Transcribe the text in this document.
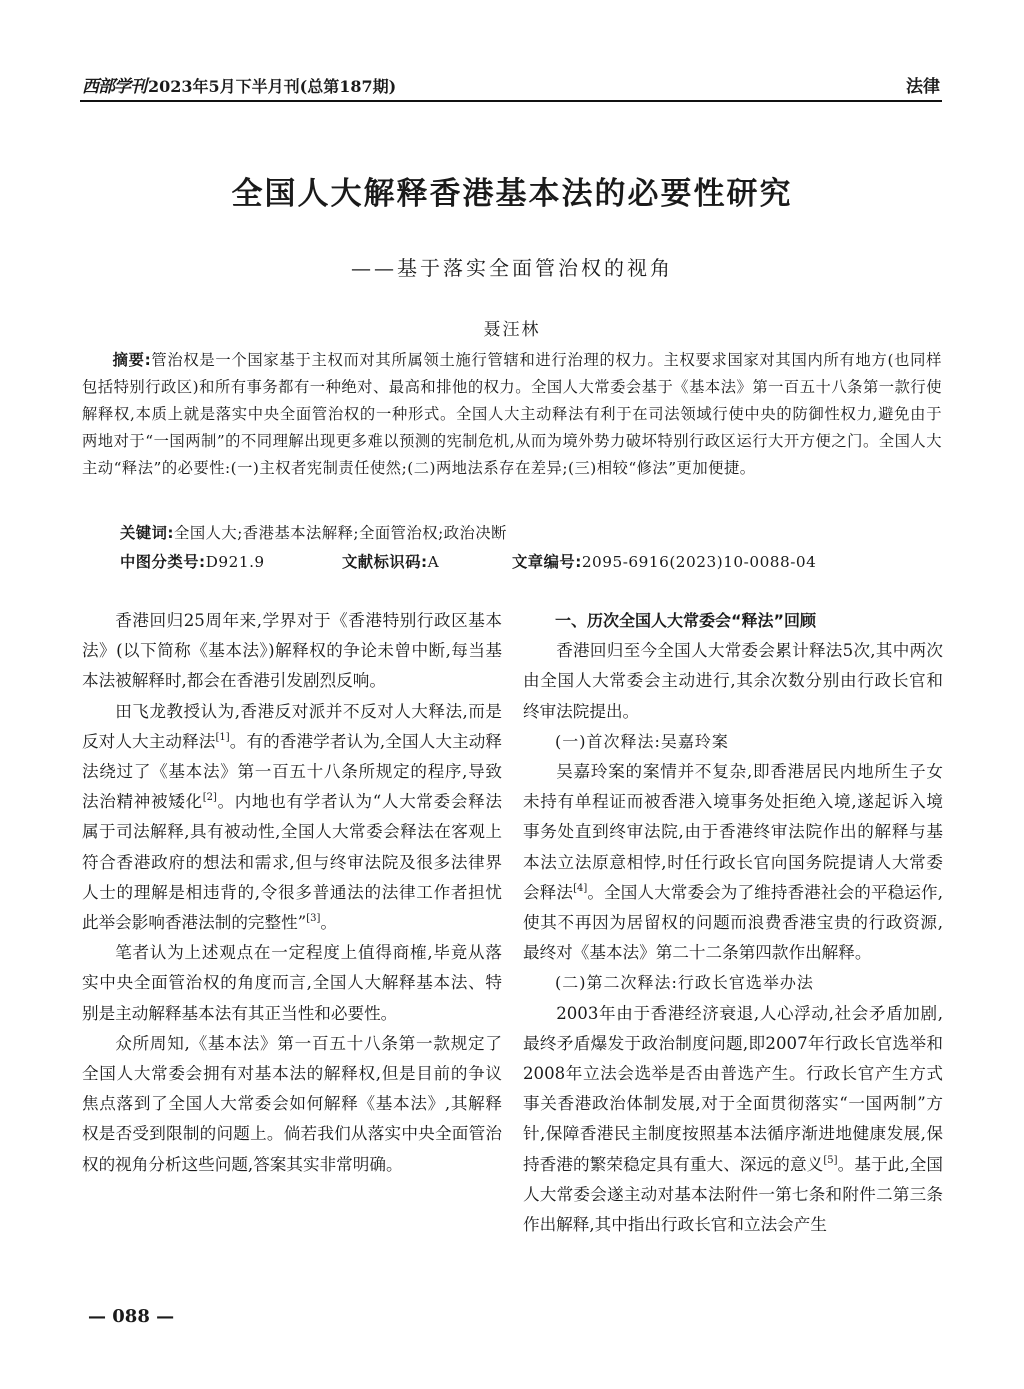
西部学刊 2023年5月下半月刊(总第187期)	法律
全国人大解释香港基本法的必要性研究
——基于落实全面管治权的视角
聂汪林
摘要:管治权是一个国家基于主权而对其所属领土施行管辖和进行治理的权力。主权要求国家对其国内所有地方(也同样包括特别行政区)和所有事务都有一种绝对、最高和排他的权力。全国人大常委会基于《基本法》第一百五十八条第一款行使解释权,本质上就是落实中央全面管治权的一种形式。全国人大主动释法有利于在司法领域行使中央的防御性权力,避免由于两地对于“一国两制”的不同理解出现更多难以预测的宪制危机,从而为境外势力破坏特别行政区运行大开方便之门。全国人大主动“释法”的必要性:(一)主权者宪制责任使然;(二)两地法系存在差异;(三)相较“修法”更加便捷。
关键词:全国人大;香港基本法解释;全面管治权;政治决断
中图分类号:D921.9	文献标识码:A	文章编号:2095-6916(2023)10-0088-04

香港回归25周年来,学界对于《香港特别行政区基本法》(以下简称《基本法》)解释权的争论未曾中断,每当基本法被解释时,都会在香港引发剧烈反响。

田飞龙教授认为,香港反对派并不反对人大释法,而是反对人大主动释法[1]。有的香港学者认为,全国人大主动释法绕过了《基本法》第一百五十八条所规定的程序,导致法治精神被矮化[2]。内地也有学者认为“人大常委会释法属于司法解释,具有被动性,全国人大常委会释法在客观上符合香港政府的想法和需求,但与终审法院及很多法律界人士的理解是相违背的,令很多普通法的法律工作者担忧此举会影响香港法制的完整性”[3]。

笔者认为上述观点在一定程度上值得商榷,毕竟从落实中央全面管治权的角度而言,全国人大解释基本法、特别是主动解释基本法有其正当性和必要性。

众所周知,《基本法》第一百五十八条第一款规定了全国人大常委会拥有对基本法的解释权,但是目前的争议焦点落到了全国人大常委会如何解释《基本法》,其解释权是否受到限制的问题上。倘若我们从落实中央全面管治权的视角分析这些问题,答案其实非常明确。

一、历次全国人大常委会“释法”回顾

香港回归至今全国人大常委会累计释法5次,其中两次由全国人大常委会主动进行,其余次数分别由行政长官和终审法院提出。

(一)首次释法:吴嘉玲案

吴嘉玲案的案情并不复杂,即香港居民内地所生子女未持有单程证而被香港入境事务处拒绝入境,遂起诉入境事务处直到终审法院,由于香港终审法院作出的解释与基本法立法原意相悖,时任行政长官向国务院提请人大常委会释法[4]。全国人大常委会为了维持香港社会的平稳运作,使其不再因为居留权的问题而浪费香港宝贵的行政资源,最终对《基本法》第二十二条第四款作出解释。

(二)第二次释法:行政长官选举办法

2003年由于香港经济衰退,人心浮动,社会矛盾加剧,最终矛盾爆发于政治制度问题,即2007年行政长官选举和2008年立法会选举是否由普选产生。行政长官产生方式事关香港政治体制发展,对于全面贯彻落实“一国两制”方针,保障香港民主制度按照基本法循序渐进地健康发展,保持香港的繁荣稳定具有重大、深远的意义[5]。基于此,全国人大常委会遂主动对基本法附件一第七条和附件二第三条作出解释,其中指出行政长官和立法会产生

— 088 —
